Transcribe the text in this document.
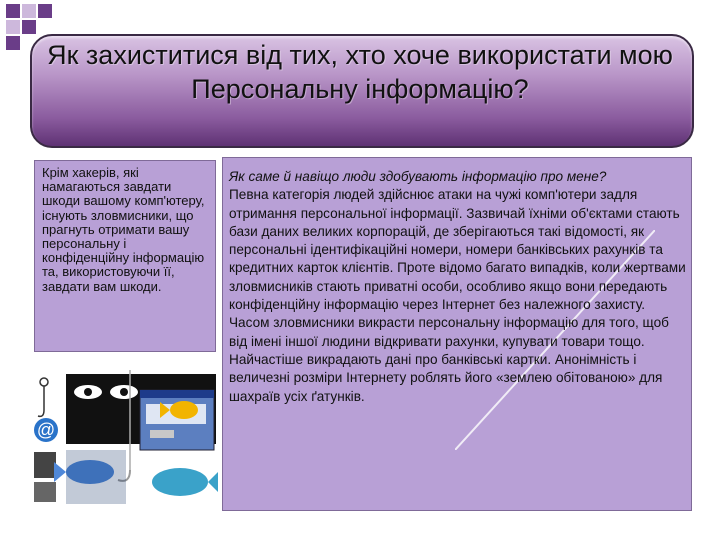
Як захиститися від тих, хто хоче використати мою Персональну інформацію?
Крім хакерів, які намагаються завдати шкоди вашому комп'ютеру, існують зловмисники, що прагнуть отримати вашу персональну і конфіденційну інформацію та, використовуючи її, завдати вам шкоди.
@
Як саме й навіщо люди здобувають інформацію про мене?
Певна категорія людей здійснює атаки на чужі комп'ютери задля отримання персональної інформації. Зазвичай їхніми об'єктами стають бази даних великих корпорацій, де зберігаються такі відомості, як персональні ідентифікаційні номери, номери банківських рахунків та кредитних карток клієнтів. Проте відомо багато випадків, коли жертвами зловмисників стають приватні особи, особливо якщо вони передають конфіденційну інформацію через Інтернет без належного захисту.
Часом зловмисники викрасти персональну інформацію для того, щоб від імені іншої людини відкривати рахунки, купувати товари тощо. Найчастіше викрадають дані про банківські картки. Анонімність і величезні розміри Інтернету роблять його «землею обітованою» для шахраїв усіх ґатунків.
